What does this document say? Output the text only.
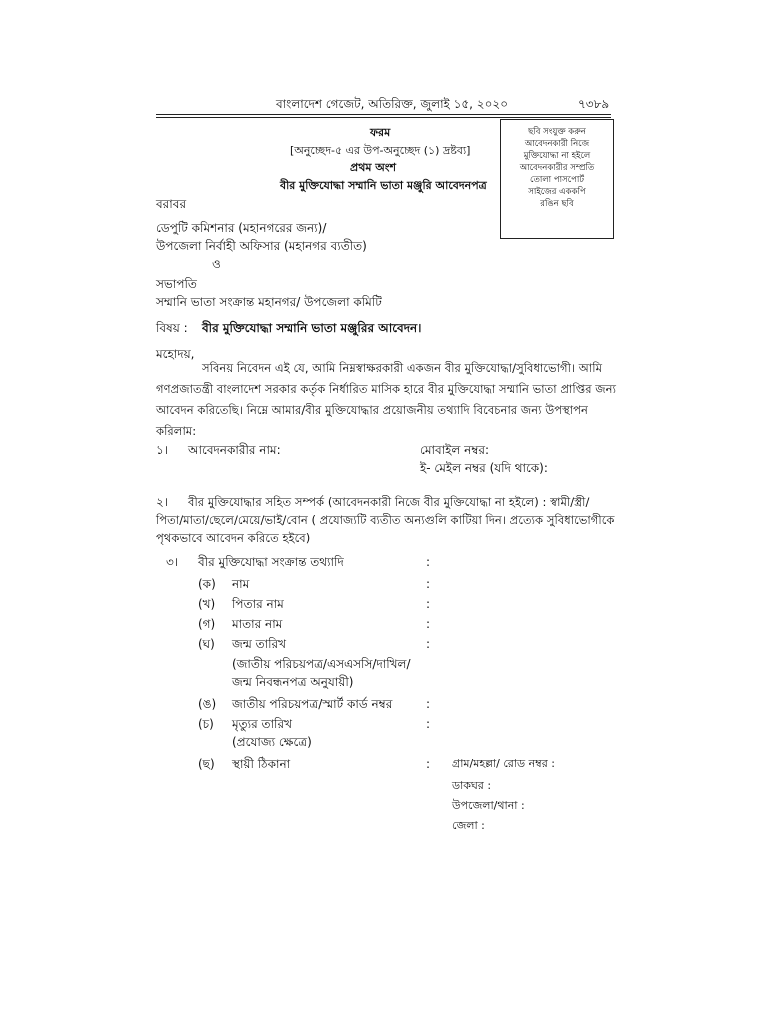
বাংলাদেশ গেজেট, অতিরিক্ত, জুলাই ১৫, ২০২০	৭৩৮৯
ফরম
[অনুচ্ছেদ-৫ এর উপ-অনুচ্ছেদ (১) দ্রষ্টব্য]
প্রথম অংশ
বীর মুক্তিযোদ্ধা সম্মানি ভাতা মঞ্জুরি আবেদনপত্র
ছবি সংযুক্ত করুন
আবেদনকারী নিজে
মুক্তিযোদ্ধা না হইলে
আবেদনকারীর সম্প্রতি
তোলা পাসপোর্ট
সাইজের এককপি
রঙিন ছবি
বরাবর
ডেপুটি কমিশনার (মহানগরের জন্য)/
উপজেলা নির্বাহী অফিসার (মহানগর ব্যতীত)
ও
সভাপতি
সম্মানি ভাতা সংক্রান্ত মহানগর/ উপজেলা কমিটি
বিষয় : বীর মুক্তিযোদ্ধা সম্মানি ভাতা মঞ্জুরির আবেদন।
মহোদয়,
সবিনয় নিবেদন এই যে, আমি নিম্নস্বাক্ষরকারী একজন বীর মুক্তিযোদ্ধা/সুবিধাভোগী। আমি
গণপ্রজাতন্ত্রী বাংলাদেশ সরকার কর্তৃক নির্ধারিত মাসিক হারে বীর মুক্তিযোদ্ধা সম্মানি ভাতা প্রাপ্তির জন্য
আবেদন করিতেছি। নিম্নে আমার/বীর মুক্তিযোদ্ধার প্রয়োজনীয় তথ্যাদি বিবেচনার জন্য উপস্থাপন
করিলাম:
১। আবেদনকারীর নাম:	মোবাইল নম্বর:
ই- মেইল নম্বর (যদি থাকে):
২। বীর মুক্তিযোদ্ধার সহিত সম্পর্ক (আবেদনকারী নিজে বীর মুক্তিযোদ্ধা না হইলে) : স্বামী/স্ত্রী/
পিতা/মাতা/ছেলে/মেয়ে/ভাই/বোন ( প্রযোজ্যটি ব্যতীত অন্যগুলি কাটিয়া দিন। প্রত্যেক সুবিধাভোগীকে
পৃথকভাবে আবেদন করিতে হইবে)
৩। বীর মুক্তিযোদ্ধা সংক্রান্ত তথ্যাদি	:
(ক) নাম	:
(খ) পিতার নাম	:
(গ) মাতার নাম	:
(ঘ) জন্ম তারিখ	:
(জাতীয় পরিচয়পত্র/এসএসসি/দাখিল/
জন্ম নিবন্ধনপত্র অনুযায়ী)
(ঙ) জাতীয় পরিচয়পত্র/স্মার্ট কার্ড নম্বর	:
(চ) মৃত্যুর তারিখ	:
(প্রযোজ্য ক্ষেত্রে)
(ছ) স্থায়ী ঠিকানা	: গ্রাম/মহল্লা/ রোড নম্বর :
ডাকঘর :
উপজেলা/থানা :
জেলা :
